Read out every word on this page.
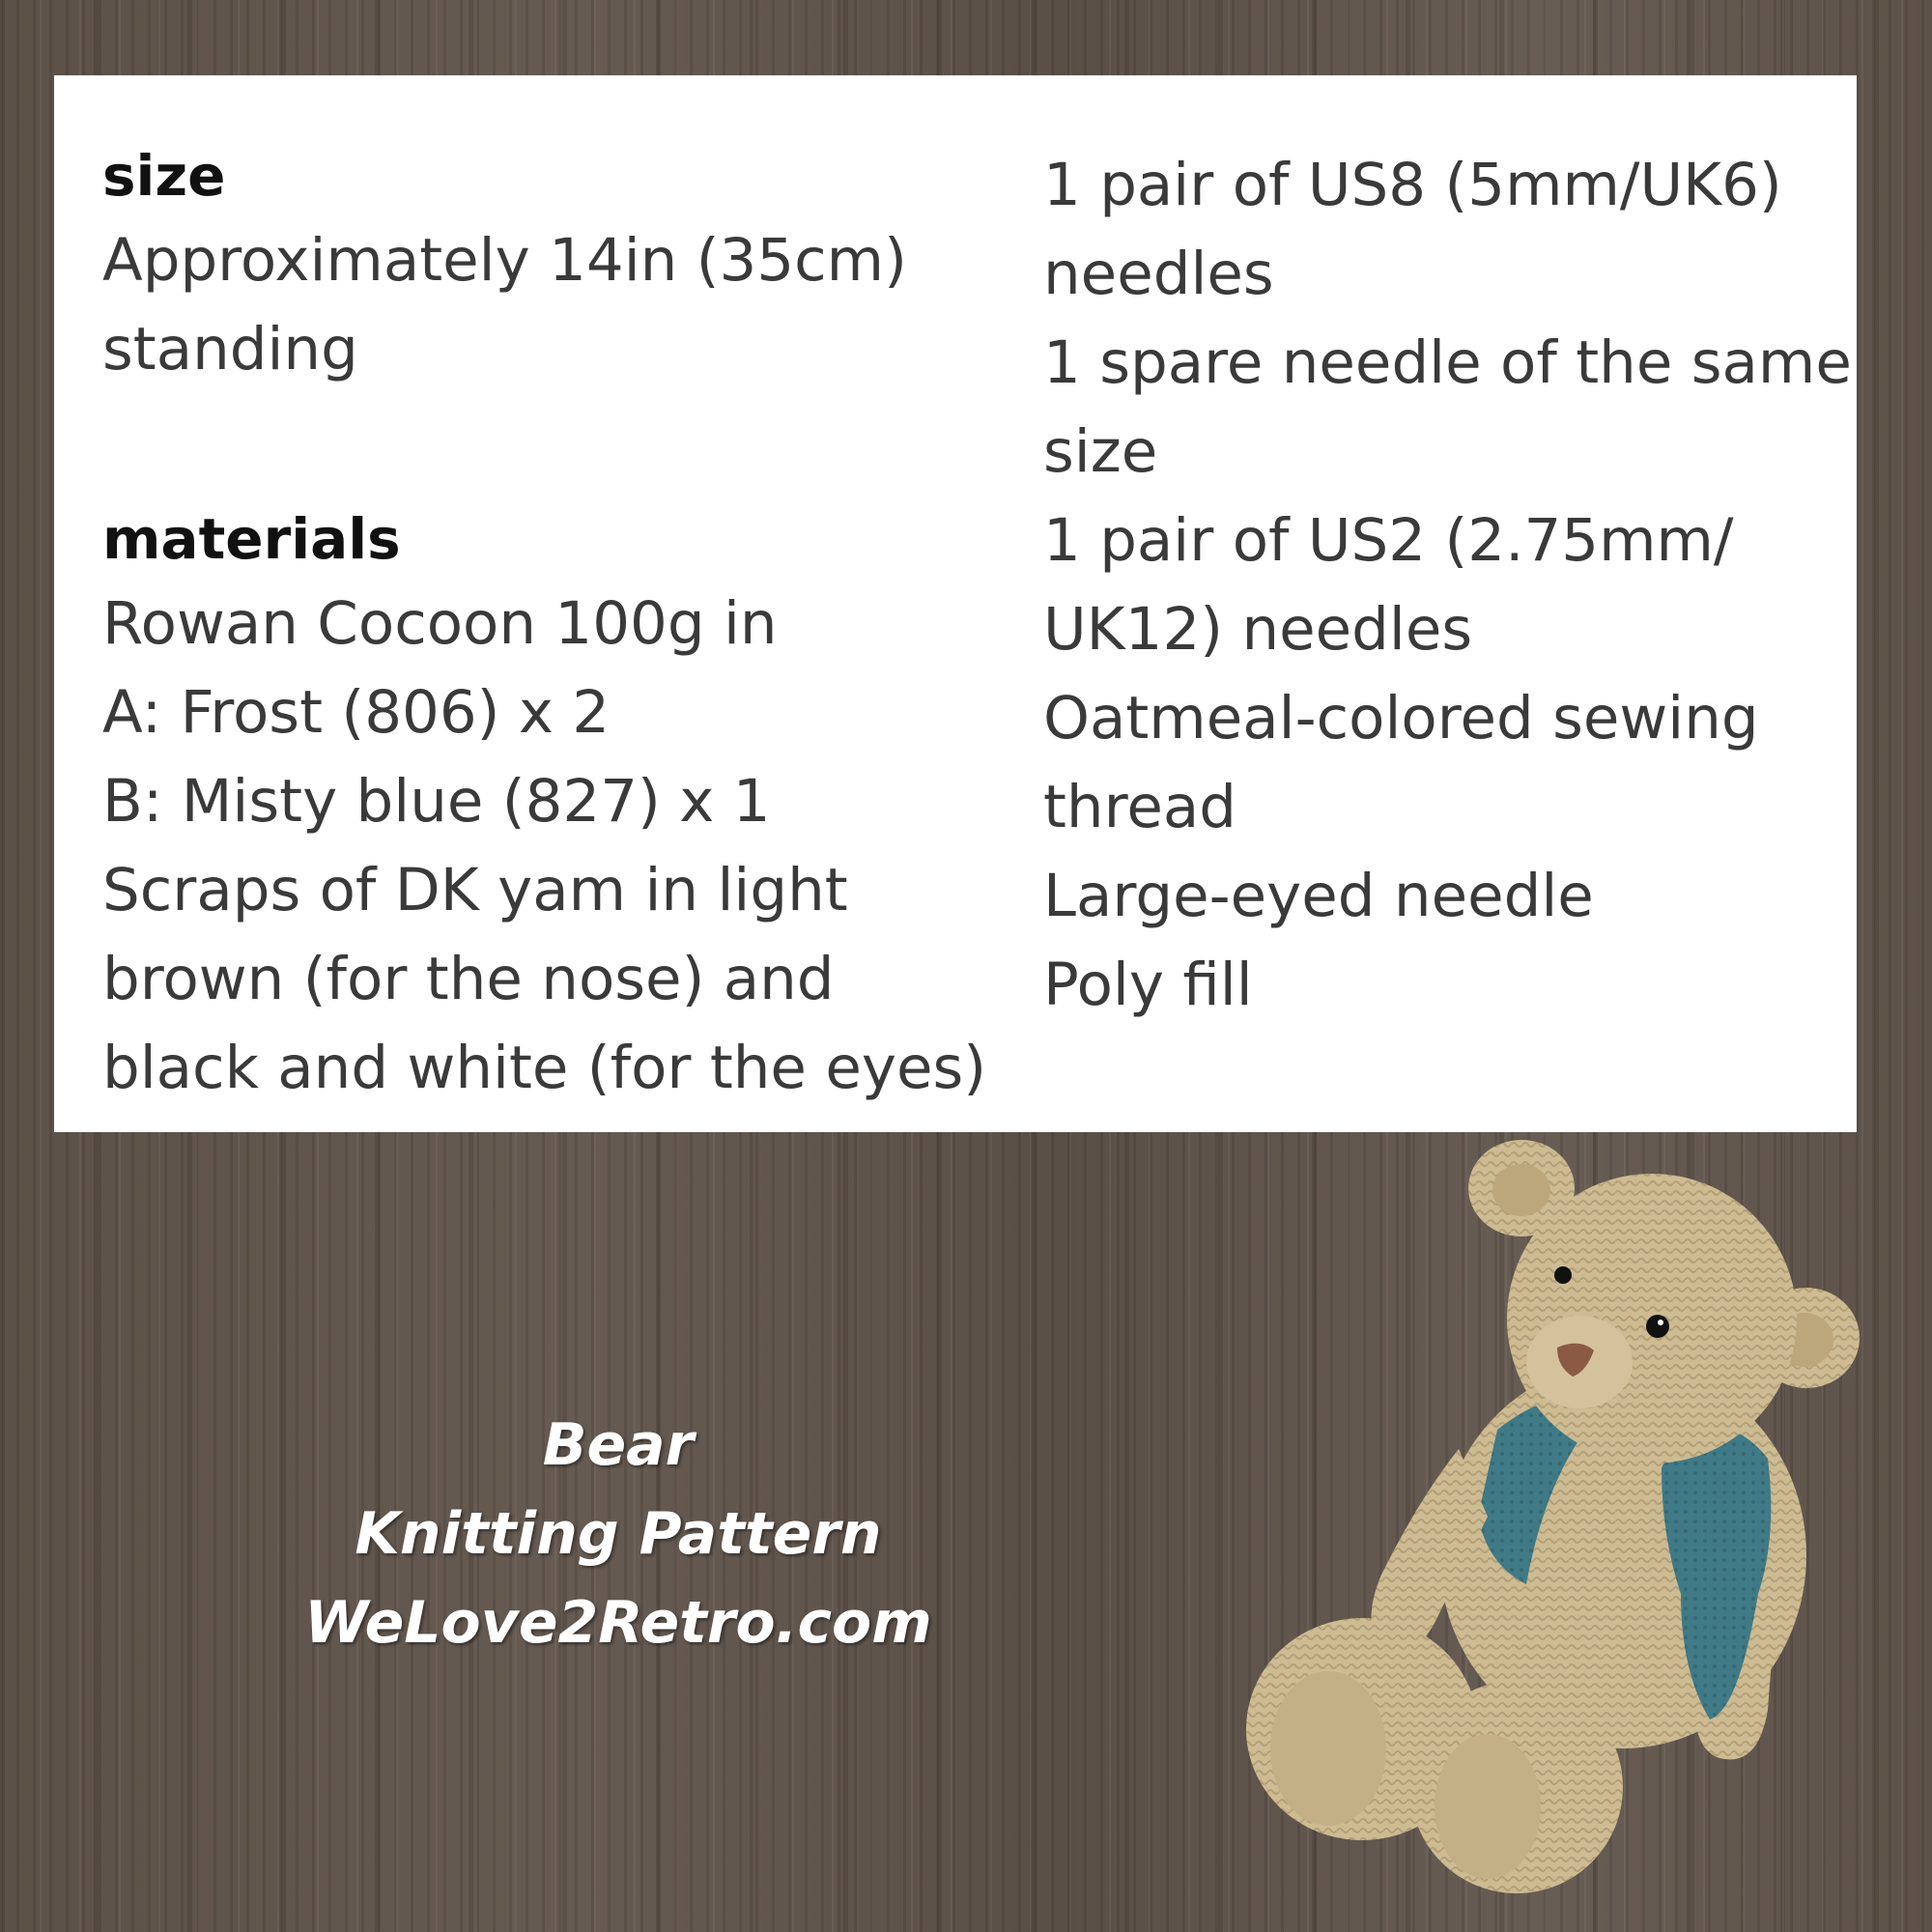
size
Approximately 14in (35cm)
standing
materials
Rowan Cocoon 100g in
A: Frost (806) x 2
B: Misty blue (827) x 1
Scraps of DK yam in light
brown (for the nose) and
black and white (for the eyes)
1 pair of US8 (5mm/UK6)
needles
1 spare needle of the same
size
1 pair of US2 (2.75mm/
UK12) needles
Oatmeal-colored sewing
thread
Large-eyed needle
Poly fill
Bear
Knitting Pattern
WeLove2Retro.com
